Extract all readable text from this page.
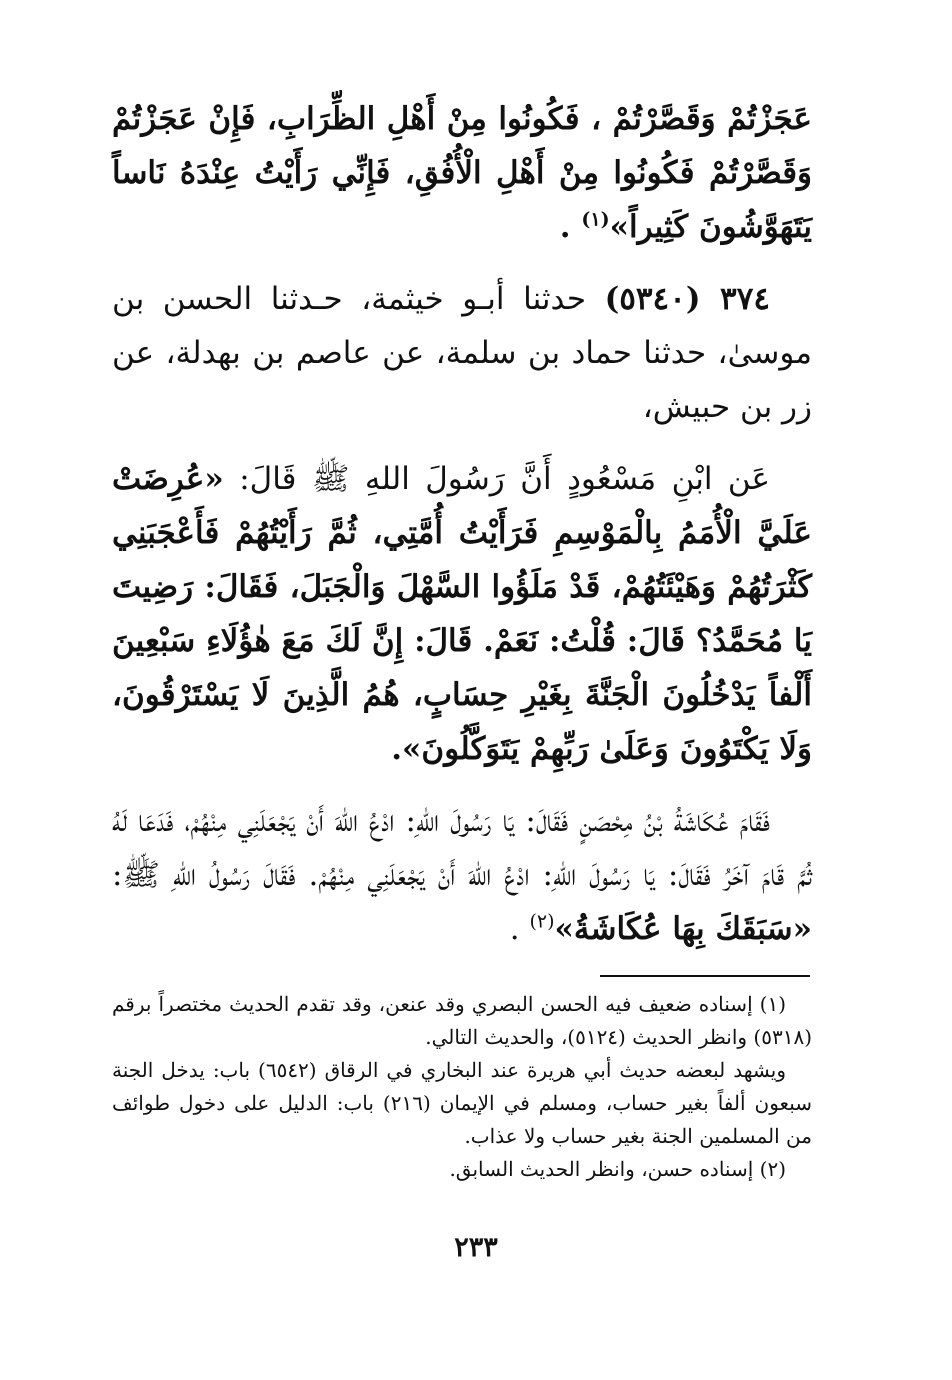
عَجَزْتُمْ وَقَصَّرْتُمْ ، فَكُونُوا مِنْ أَهْلِ الظِّرَابِ، فَإِنْ عَجَزْتُمْ وَقَصَّرْتُمْ فَكُونُوا مِنْ أَهْلِ الْأُفُقِ، فَإِنِّي رَأَيْتُ عِنْدَهُ نَاساً يَتَهَوَّشُونَ كَثِيراً»$^{(١)}$ .

٣٧٤ (٥٣٤٠) حدثنا أبـو خيثمة، حـدثنا الحسن بن موسىٰ، حدثنا حماد بن سلمة، عن عاصم بن بهدلة، عن زر بن حبيش،

عَن ابْنِ مَسْعُودٍ أَنَّ رَسُولَ اللهِ ﷺ قَالَ: «عُرِضَتْ عَلَيَّ الْأُمَمُ بِالْمَوْسِمِ فَرَأَيْتُ أُمَّتِي، ثُمَّ رَأَيْتُهُمْ فَأَعْجَبَنِي كَثْرَتُهُمْ وَهَيْئَتُهُمْ، قَدْ مَلَؤُوا السَّهْلَ وَالْجَبَلَ، فَقَالَ: رَضِيتَ يَا مُحَمَّدُ؟ قَالَ: قُلْتُ: نَعَمْ. قَالَ: إِنَّ لَكَ مَعَ هٰؤُلَاءِ سَبْعِينَ أَلْفاً يَدْخُلُونَ الْجَنَّةَ بِغَيْرِ حِسَابٍ، هُمُ الَّذِينَ لَا يَسْتَرْقُونَ، وَلَا يَكْتَوُونَ وَعَلَىٰ رَبِّهِمْ يَتَوَكَّلُونَ».

فَقَامَ عُكَاشَةُ بْنُ مِحْصَنٍ فَقَالَ: يَا رَسُولَ اللهِ: ادْعُ اللهَ أَنْ يَجْعَلَنِي مِنْهُمْ، فَدَعَا لَهُ ثُمَّ قَامَ آخَرُ فَقَالَ: يَا رَسُولَ اللهِ: ادْعُ اللهَ أَنْ يَجْعَلَنِي مِنْهُمْ. فَقَالَ رَسُولُ اللهِ ﷺ: «سَبَقَكَ بِهَا عُكَاشَةُ»$^{(٢)}$ .

(١) إسناده ضعيف فيه الحسن البصري وقد عنعن، وقد تقدم الحديث مختصراً برقم (٥٣١٨) وانظر الحديث (٥١٢٤)، والحديث التالي.

ويشهد لبعضه حديث أبي هريرة عند البخاري في الرقاق (٦٥٤٢) باب: يدخل الجنة سبعون ألفاً بغير حساب، ومسلم في الإيمان (٢١٦) باب: الدليل على دخول طوائف من المسلمين الجنة بغير حساب ولا عذاب.

(٢) إسناده حسن، وانظر الحديث السابق.

٢٣٣
